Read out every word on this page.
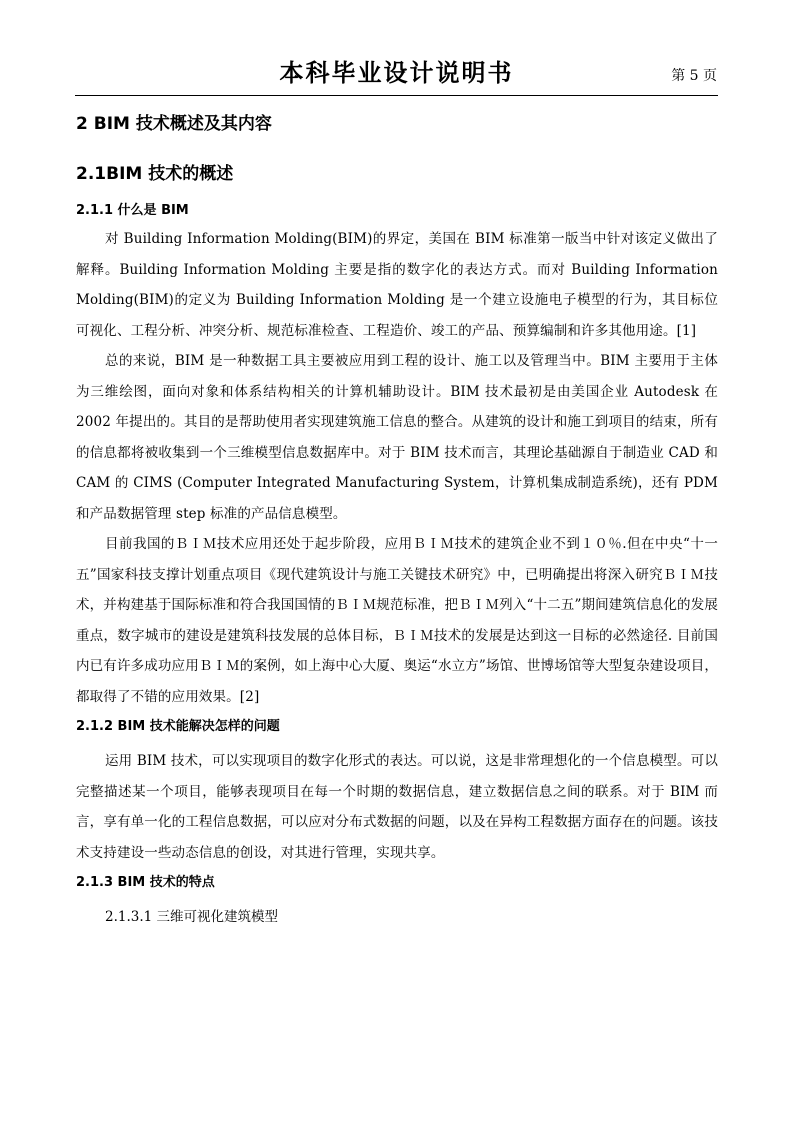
本科毕业设计说明书	第 5 页
2 BIM 技术概述及其内容
2.1BIM 技术的概述
2.1.1 什么是 BIM

对 Building Information Molding(BIM)的界定，美国在 BIM 标准第一版当中针对该定义做出了解释。Building Information Molding 主要是指的数字化的表达方式。而对 Building Information Molding(BIM)的定义为 Building Information Molding 是一个建立设施电子模型的行为，其目标位可视化、工程分析、冲突分析、规范标准检查、工程造价、竣工的产品、预算编制和许多其他用途。[1]

总的来说，BIM 是一种数据工具主要被应用到工程的设计、施工以及管理当中。BIM 主要用于主体为三维绘图，面向对象和体系结构相关的计算机辅助设计。BIM 技术最初是由美国企业 Autodesk 在 2002 年提出的。其目的是帮助使用者实现建筑施工信息的整合。从建筑的设计和施工到项目的结束，所有的信息都将被收集到一个三维模型信息数据库中。对于 BIM 技术而言，其理论基础源自于制造业 CAD 和 CAM 的 CIMS (Computer Integrated Manufacturing System，计算机集成制造系统)，还有 PDM 和产品数据管理 step 标准的产品信息模型。

目前我国的ＢＩＭ技术应用还处于起步阶段，应用ＢＩＭ技术的建筑企业不到１０％.但在中央“十一五”国家科技支撑计划重点项目《现代建筑设计与施工关键技术研究》中，已明确提出将深入研究ＢＩＭ技术，并构建基于国际标准和符合我国国情的ＢＩＭ规范标准，把ＢＩＭ列入“十二五”期间建筑信息化的发展重点，数字城市的建设是建筑科技发展的总体目标，ＢＩＭ技术的发展是达到这一目标的必然途径. 目前国内已有许多成功应用ＢＩＭ的案例，如上海中心大厦、奥运“水立方”场馆、世博场馆等大型复杂建设项目，都取得了不错的应用效果。[2]

2.1.2 BIM 技术能解决怎样的问题

运用 BIM 技术，可以实现项目的数字化形式的表达。可以说，这是非常理想化的一个信息模型。可以完整描述某一个项目，能够表现项目在每一个时期的数据信息，建立数据信息之间的联系。对于 BIM 而言，享有单一化的工程信息数据，可以应对分布式数据的问题，以及在异构工程数据方面存在的问题。该技术支持建设一些动态信息的创设，对其进行管理，实现共享。

2.1.3 BIM 技术的特点
2.1.3.1 三维可视化建筑模型
